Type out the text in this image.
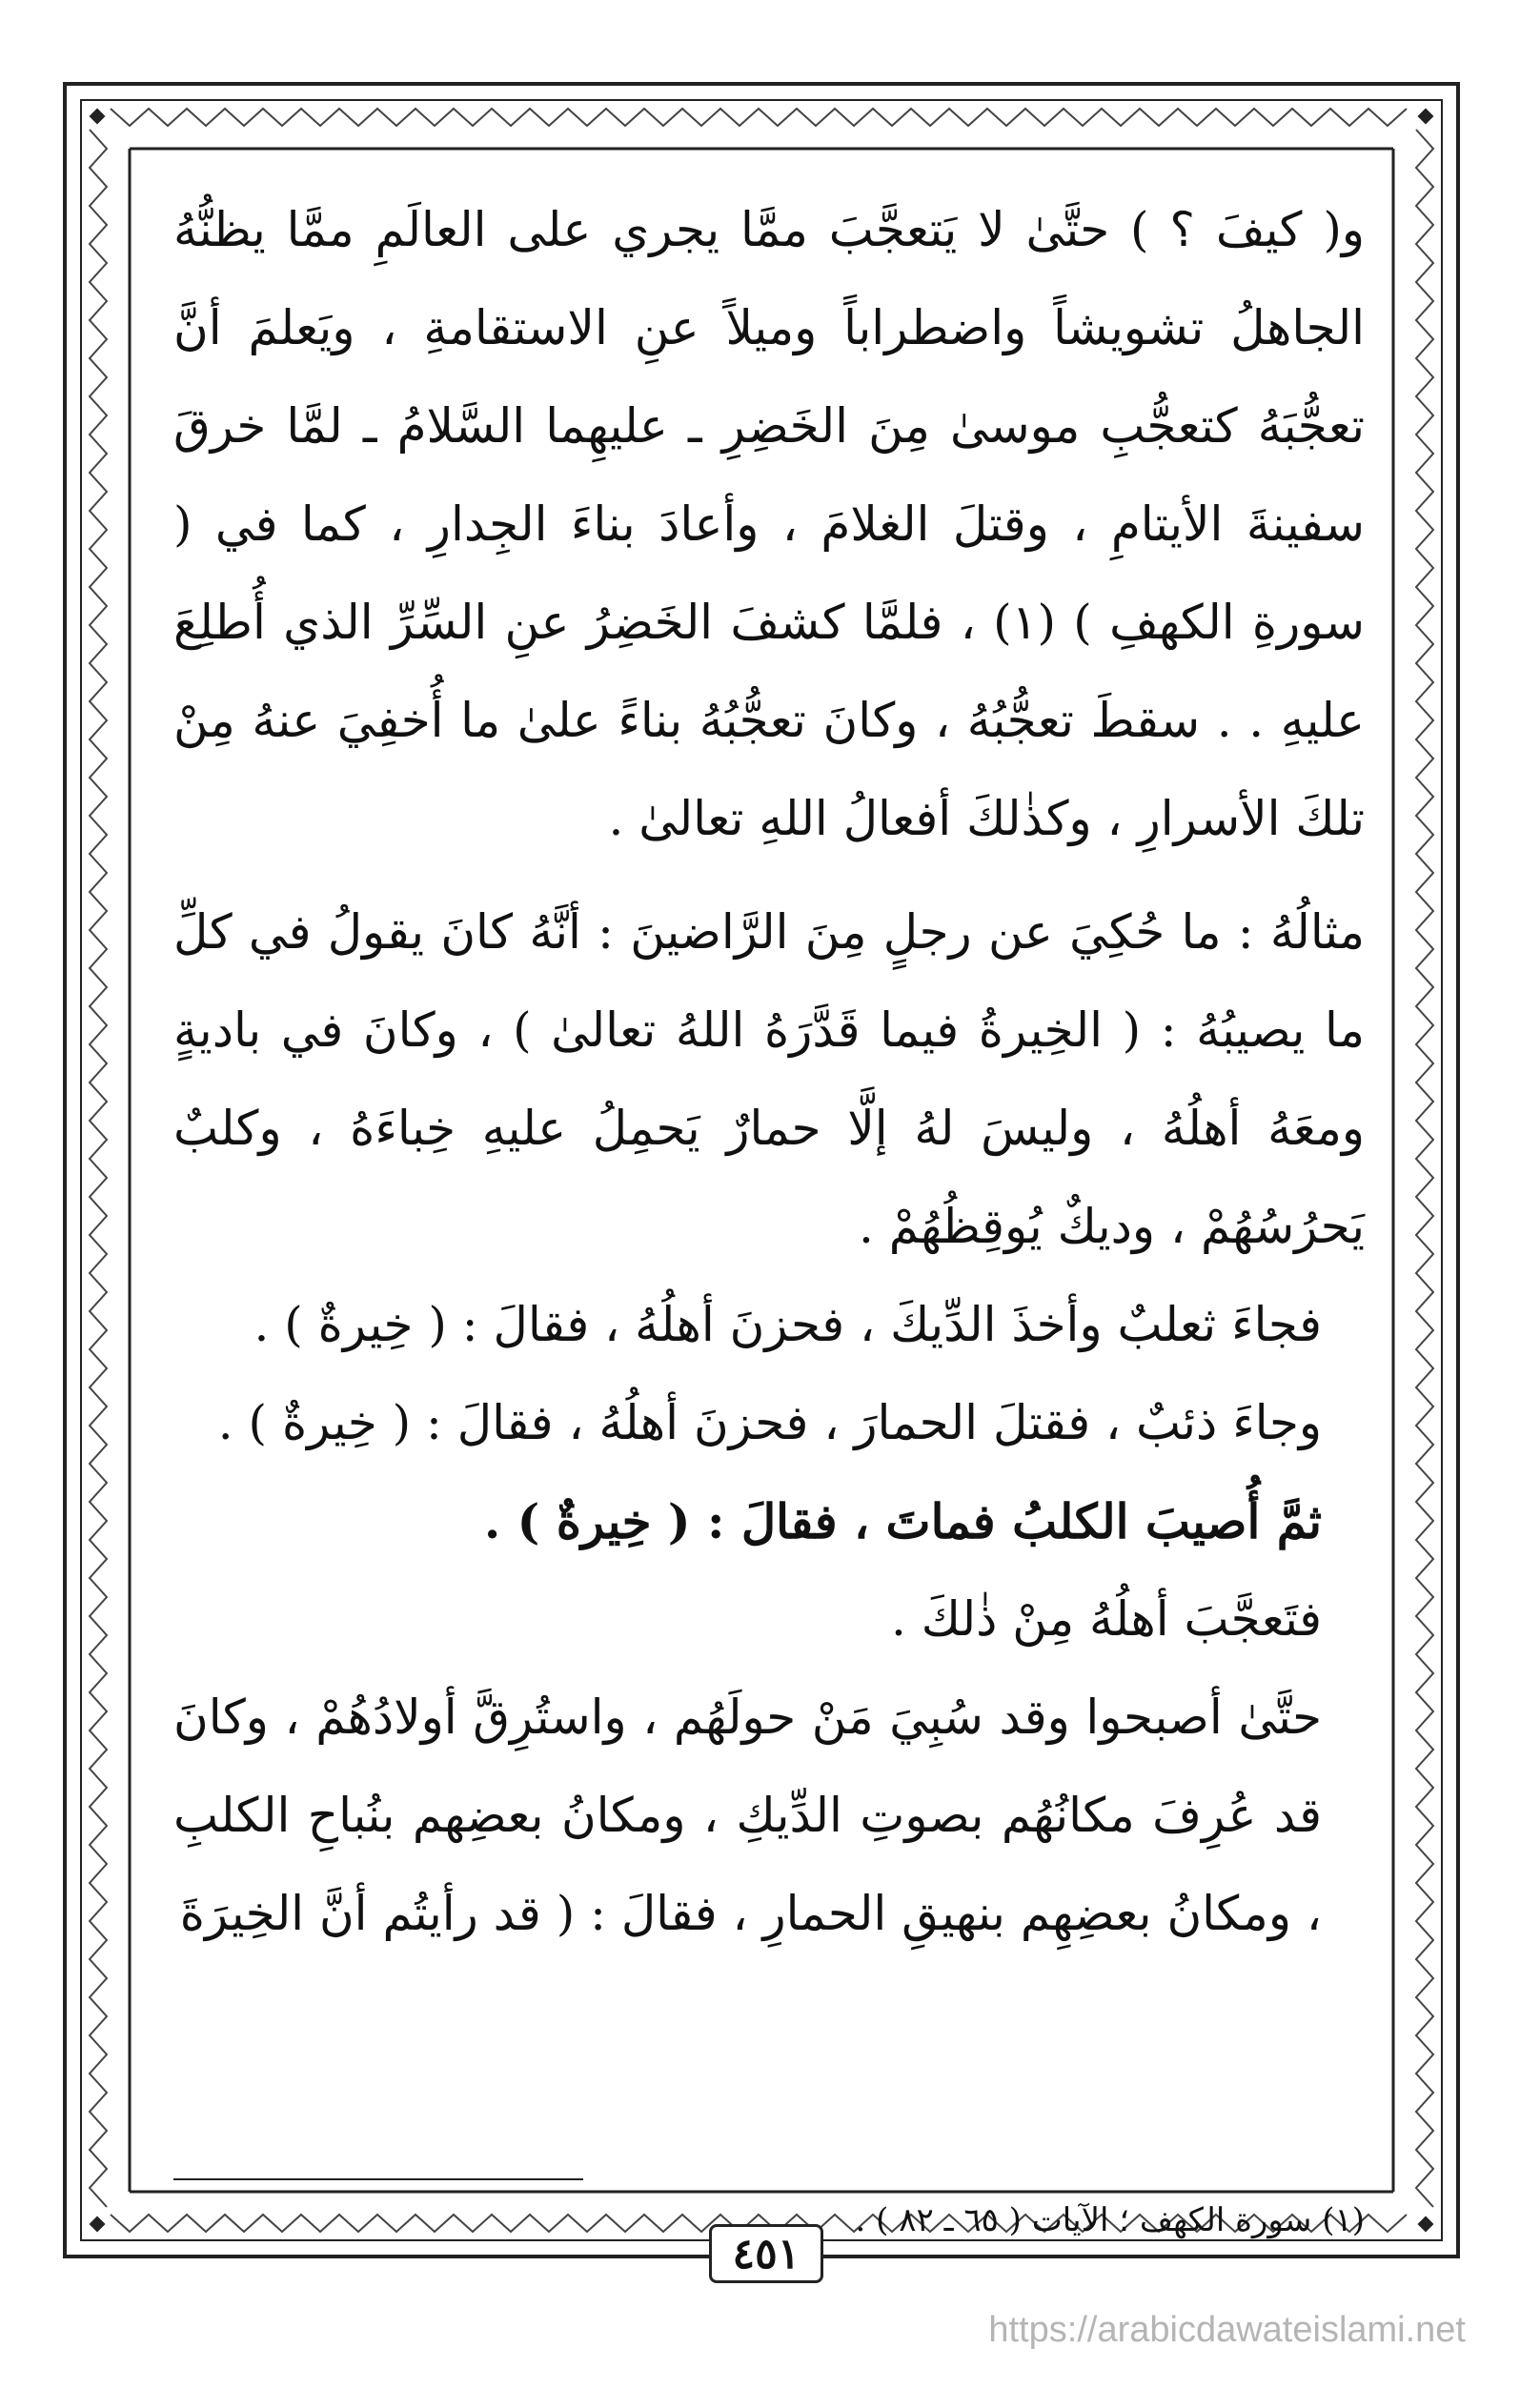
و( كيفَ ؟ ) حتَّىٰ لا يَتعجَّبَ ممَّا يجري على العالَمِ ممَّا يظنُّهُ الجاهلُ تشويشاً واضطراباً وميلاً عنِ الاستقامةِ ، ويَعلمَ أنَّ تعجُّبَهُ كتعجُّبِ موسىٰ مِنَ الخَضِرِ ـ عليهِما السَّلامُ ـ لمَّا خرقَ سفينةَ الأيتامِ ، وقتلَ الغلامَ ، وأعادَ بناءَ الجِدارِ ، كما في ( سورةِ الكهفِ ) (١) ، فلمَّا كشفَ الخَضِرُ عنِ السِّرِّ الذي أُطلِعَ عليهِ . . سقطَ تعجُّبُهُ ، وكانَ تعجُّبُهُ بناءً علىٰ ما أُخفِيَ عنهُ مِنْ تلكَ الأسرارِ ، وكذٰلكَ أفعالُ اللهِ تعالىٰ .

مثالُهُ : ما حُكِيَ عن رجلٍ مِنَ الرَّاضينَ : أنَّهُ كانَ يقولُ في كلِّ ما يصيبُهُ : ( الخِيرةُ فيما قَدَّرَهُ اللهُ تعالىٰ ) ، وكانَ في باديةٍ ومعَهُ أهلُهُ ، وليسَ لهُ إلَّا حمارٌ يَحمِلُ عليهِ خِباءَهُ ، وكلبٌ يَحرُسُهُمْ ، وديكٌ يُوقِظُهُمْ .

فجاءَ ثعلبٌ وأخذَ الدِّيكَ ، فحزنَ أهلُهُ ، فقالَ : ( خِيرةٌ ) .

وجاءَ ذئبٌ ، فقتلَ الحمارَ ، فحزنَ أهلُهُ ، فقالَ : ( خِيرةٌ ) .

ثمَّ أُصيبَ الكلبُ فماتَ ، فقالَ : ( خِيرةٌ ) .

فتَعجَّبَ أهلُهُ مِنْ ذٰلكَ .

حتَّىٰ أصبحوا وقد سُبِيَ مَنْ حولَهُم ، واستُرِقَّ أولادُهُمْ ، وكانَ قد عُرِفَ مكانُهُم بصوتِ الدِّيكِ ، ومكانُ بعضِهم بنُباحِ الكلبِ ، ومكانُ بعضِهِم بنهيقِ الحمارِ ، فقالَ : ( قد رأيتُم أنَّ الخِيرَةَ

(١) سورة الكهف ؛ الآيات ( ٦٥ ـ ٨٢ ) .
٤٥١
https://arabicdawateislami.net
